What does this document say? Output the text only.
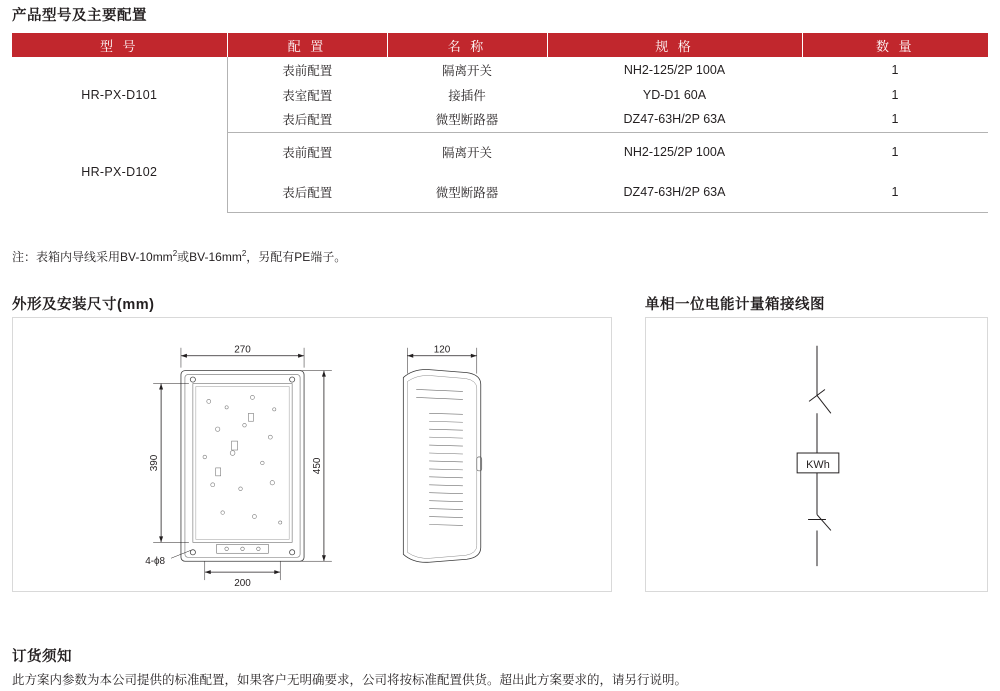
产品型号及主要配置
型 号	配 置	名 称	规 格	数 量
HR-PX-D101	表前配置	隔离开关	NH2-125/2P 100A	1
	表室配置	接插件	YD-D1 60A	1
	表后配置	微型断路器	DZ47-63H/2P 63A	1
HR-PX-D102	表前配置	隔离开关	NH2-125/2P 100A	1
	表后配置	微型断路器	DZ47-63H/2P 63A	1
注：表箱内导线采用$BV-10mm^2$或$BV-16mm^2$，另配有PE端子。
外形及安装尺寸(mm)
270
390	450
200
120
4-ϕ8
单相一位电能计量箱接线图
KWh
订货须知
此方案内参数为本公司提供的标准配置，如果客户无明确要求，公司将按标准配置供货。超出此方案要求的，请另行说明。
